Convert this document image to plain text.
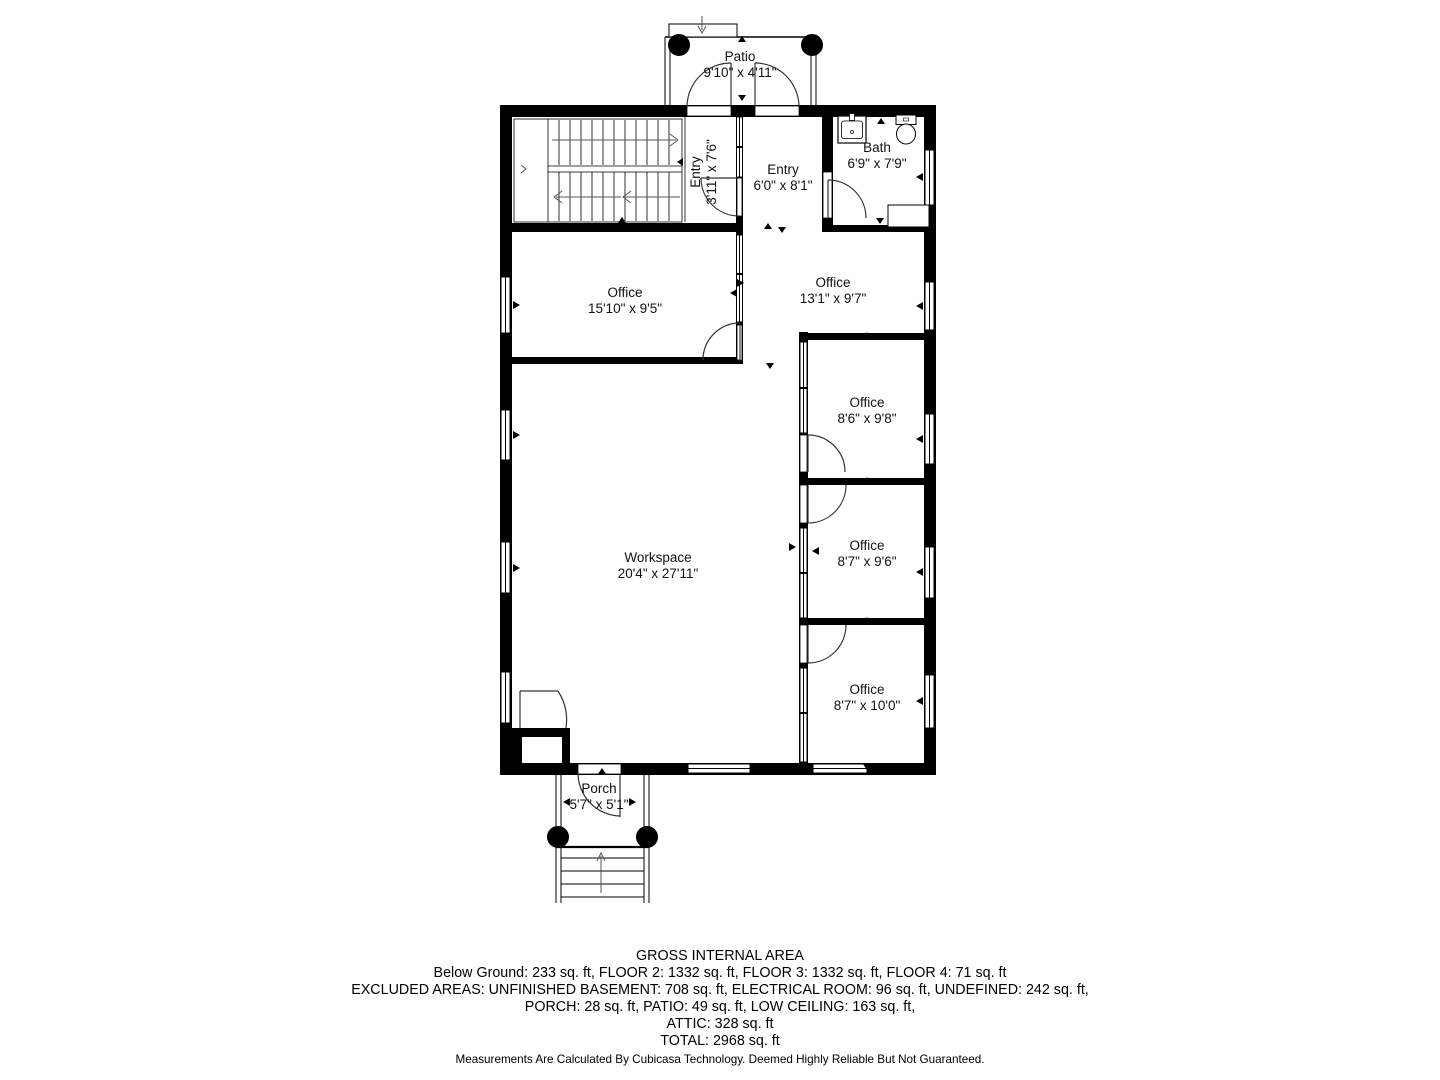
Patio
9'10" x 4'11"
Entry 3'11" x 7'6"	Entry
6'0" x 8'1"
Bath
6'9" x 7'9"
Office
15'10" x 9'5"
Office
13'1" x 9'7"
Office
8'6" x 9'8"
Office
8'7" x 9'6"
Office
8'7" x 10'0"
Workspace
20'4" x 27'11"
Porch
5'7" x 5'1"
GROSS INTERNAL AREA
Below Ground: 233 sq. ft, FLOOR 2: 1332 sq. ft, FLOOR 3: 1332 sq. ft, FLOOR 4: 71 sq. ft
EXCLUDED AREAS: UNFINISHED BASEMENT: 708 sq. ft, ELECTRICAL ROOM: 96 sq. ft, UNDEFINED: 242 sq. ft,
PORCH: 28 sq. ft, PATIO: 49 sq. ft, LOW CEILING: 163 sq. ft,
ATTIC: 328 sq. ft
TOTAL: 2968 sq. ft
Measurements Are Calculated By Cubicasa Technology. Deemed Highly Reliable But Not Guaranteed.
